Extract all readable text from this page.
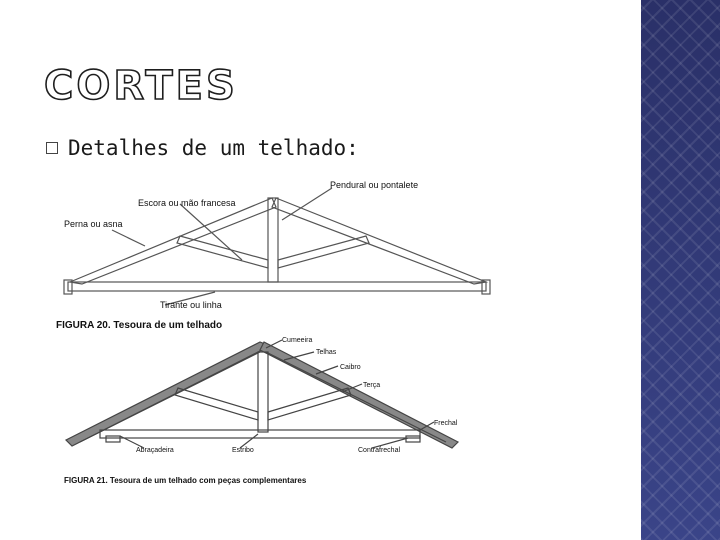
CORTES
Detalhes de um telhado:
Pendural ou pontalete
Escora ou mão francesa
Perna ou asna
Tirante ou linha
FIGURA 20. Tesoura de um telhado
Cumeeira
Telhas
Caibro
Terça
Frechal
Abraçadeira	Estribo	Contrafrechal
FIGURA 21. Tesoura de um telhado com peças complementares
